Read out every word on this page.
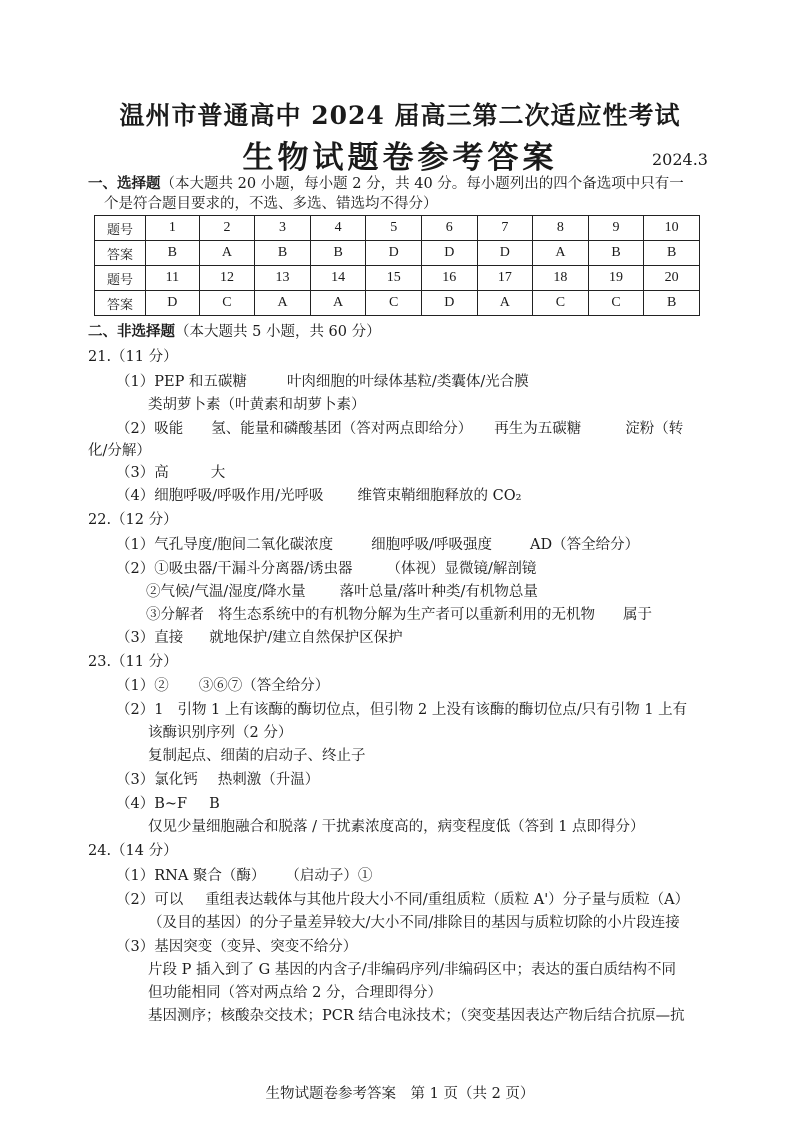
温州市普通高中 2024 届高三第二次适应性考试
生物试题卷参考答案	2024.3
一、选择题（本大题共 20 小题，每小题 2 分，共 40 分。每小题列出的四个备选项中只有一
个是符合题目要求的，不选、多选、错选均不得分）
题号	1	2	3	4	5	6	7	8	9	10
答案	B	A	B	B	D	D	D	A	B	B
题号	11	12	13	14	15	16	17	18	19	20
答案	D	C	A	A	C	D	A	C	C	B
二、非选择题（本大题共 5 小题，共 60 分）
21.（11 分）
（1）PEP 和五碳糖	叶肉细胞的叶绿体基粒/类囊体/光合膜
类胡萝卜素（叶黄素和胡萝卜素）
（2）吸能 氢、能量和磷酸基团（答对两点即给分） 再生为五碳糖	淀粉（转
化/分解）
（3）高	大
（4）细胞呼吸/呼吸作用/光呼吸 维管束鞘细胞释放的 CO₂
22.（12 分）
（1）气孔导度/胞间二氧化碳浓度	细胞呼吸/呼吸强度	AD（答全给分）
（2）①吸虫器/干漏斗分离器/诱虫器 （体视）显微镜/解剖镜
②气候/气温/湿度/降水量 落叶总量/落叶种类/有机物总量
③分解者 将生态系统中的有机物分解为生产者可以重新利用的无机物 属于
（3）直接 就地保护/建立自然保护区保护
23.（11 分）
（1）② ③⑥⑦（答全给分）
（2）1 引物 1 上有该酶的酶切位点，但引物 2 上没有该酶的酶切位点/只有引物 1 上有
该酶识别序列（2 分）
复制起点、细菌的启动子、终止子
（3）氯化钙 热刺激（升温）
（4）B~F B
仅见少量细胞融合和脱落 / 干扰素浓度高的，病变程度低（答到 1 点即得分）
24.（14 分）
（1）RNA 聚合（酶） （启动子）①
（2）可以 重组表达载体与其他片段大小不同/重组质粒（质粒 A'）分子量与质粒（A）
（及目的基因）的分子量差异较大/大小不同/排除目的基因与质粒切除的小片段连接
（3）基因突变（变异、突变不给分）
片段 P 插入到了 G 基因的内含子/非编码序列/非编码区中；表达的蛋白质结构不同
但功能相同（答对两点给 2 分，合理即得分）
基因测序；核酸杂交技术；PCR 结合电泳技术；（突变基因表达产物后结合抗原—抗
生物试题卷参考答案　第 1 页（共 2 页）
